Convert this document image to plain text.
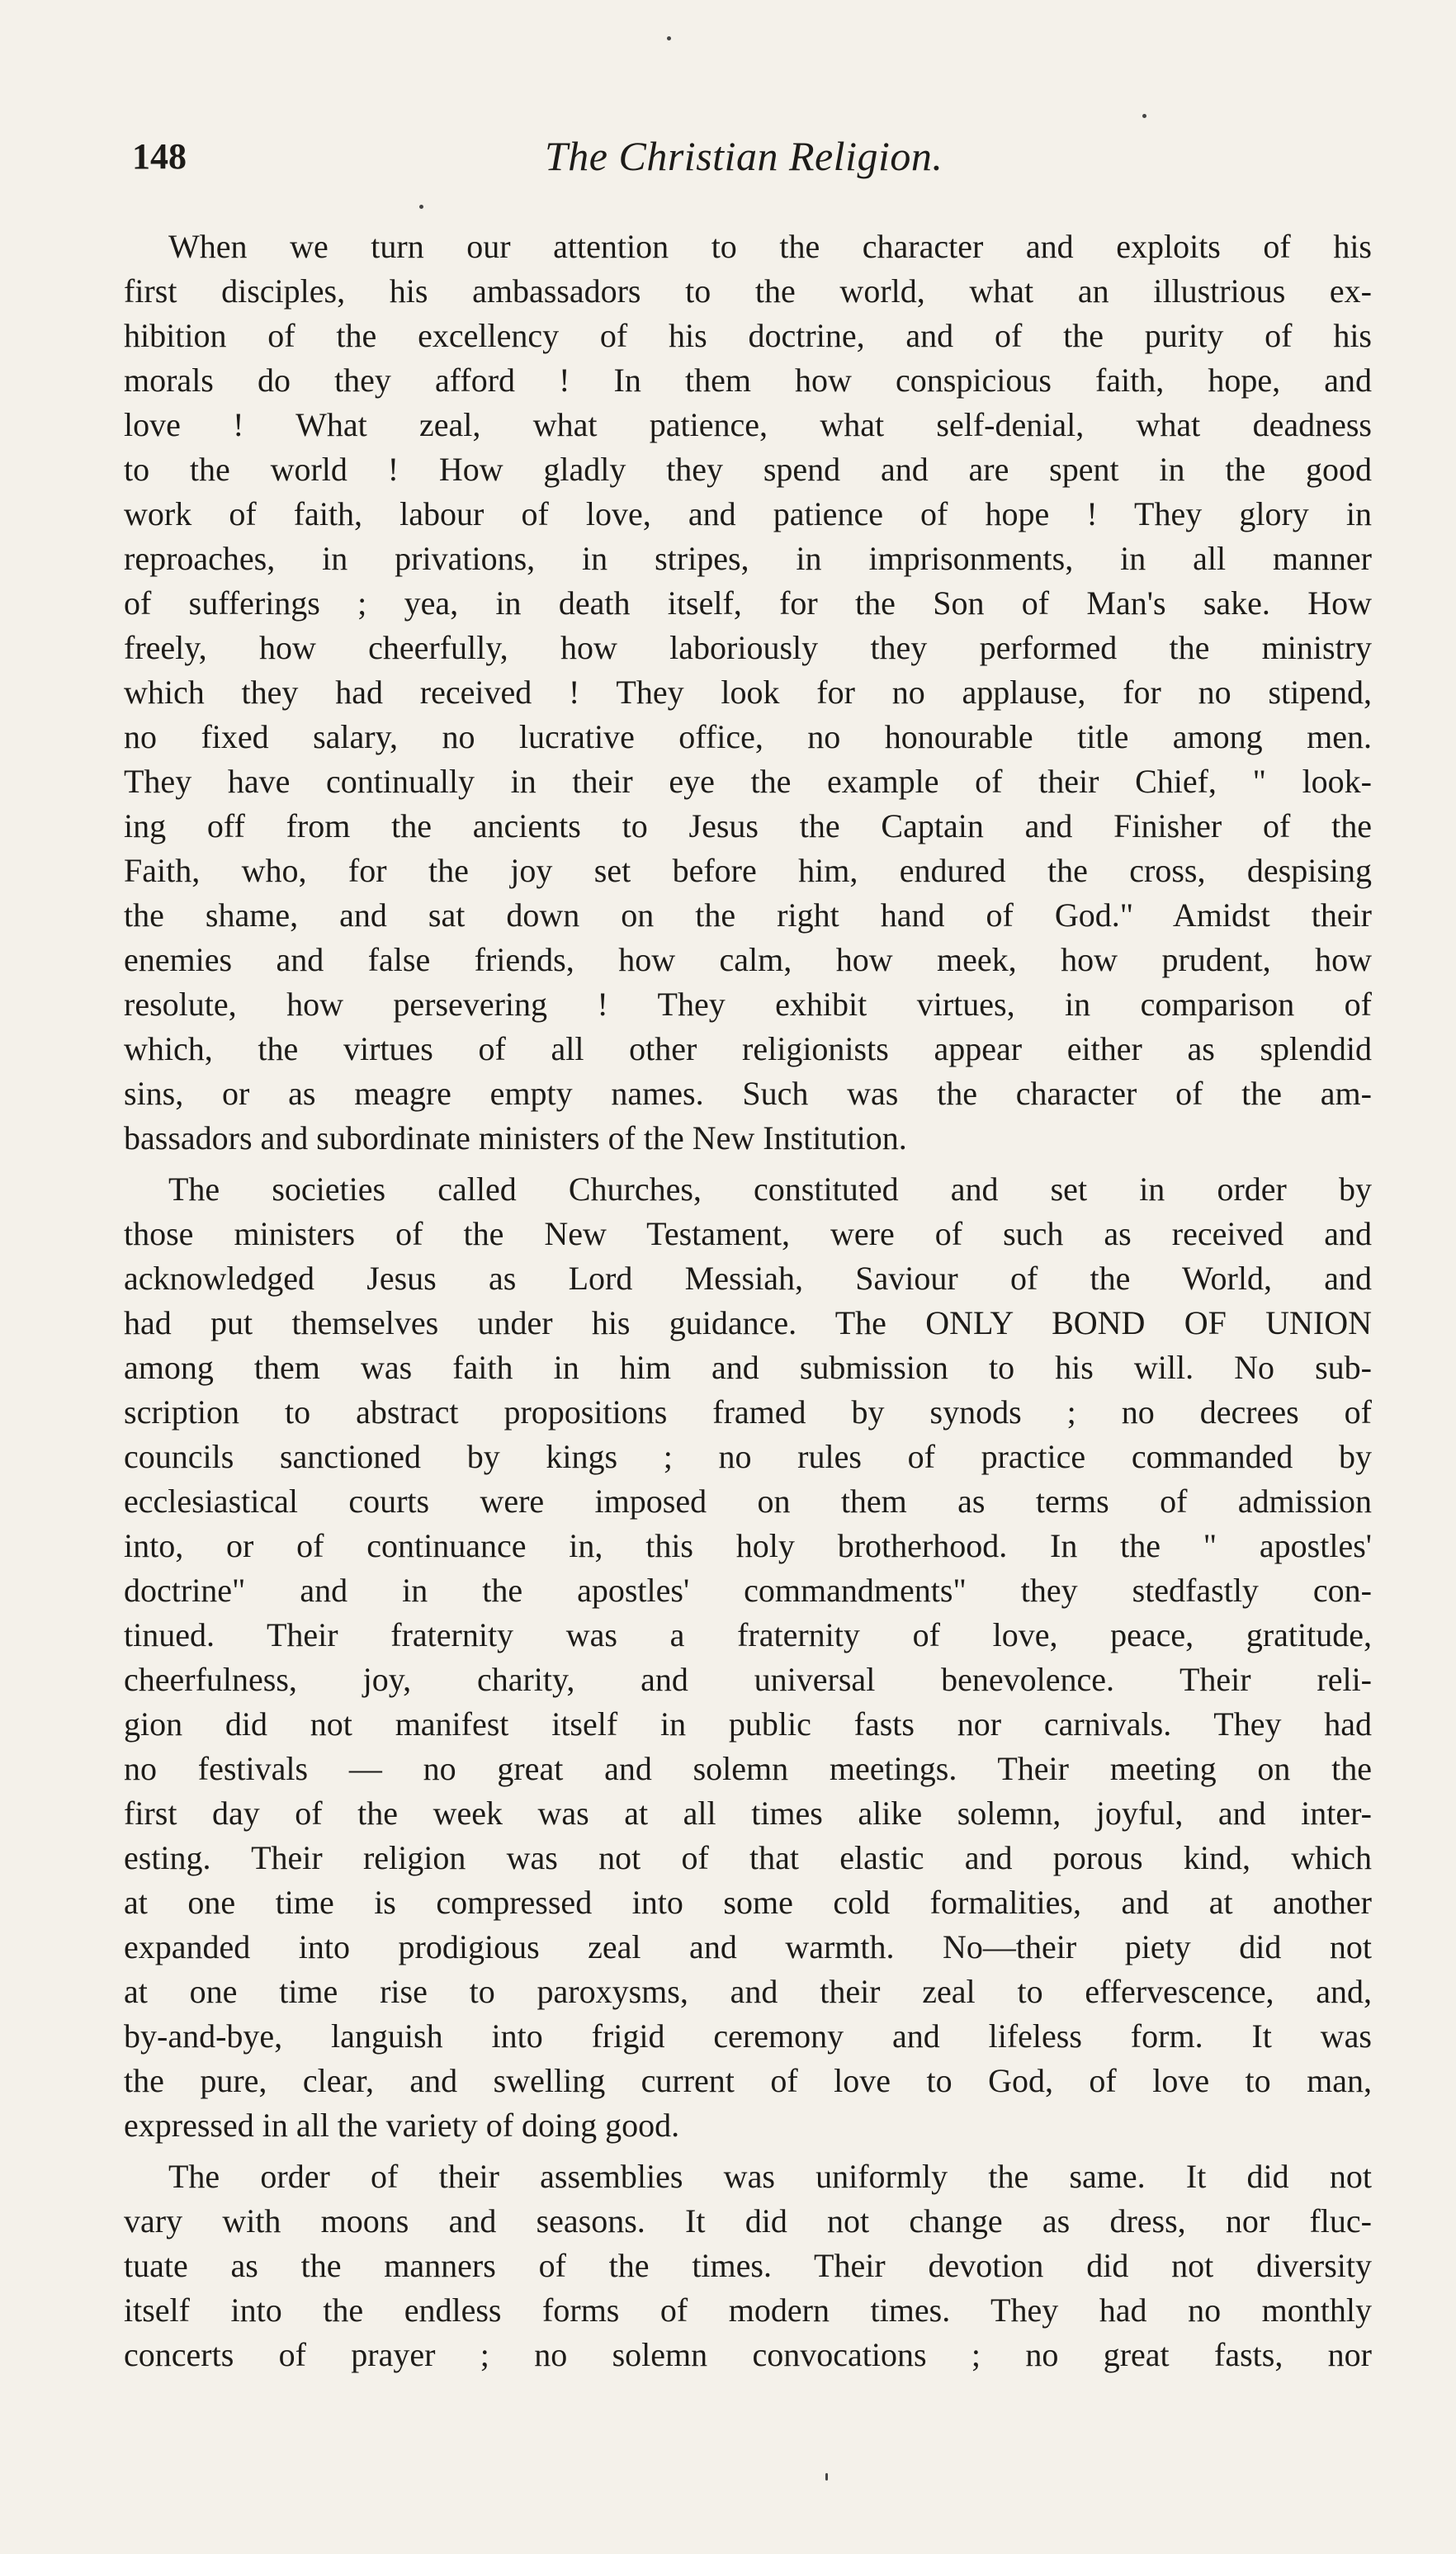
148	The Christian Religion.
When we turn our attention to the character and exploits of his
first disciples, his ambassadors to the world, what an illustrious ex-
hibition of the excellency of his doctrine, and of the purity of his
morals do they afford ! In them how conspicious faith, hope, and
love ! What zeal, what patience, what self-denial, what deadness
to the world ! How gladly they spend and are spent in the good
work of faith, labour of love, and patience of hope ! They glory in
reproaches, in privations, in stripes, in imprisonments, in all manner
of sufferings ; yea, in death itself, for the Son of Man's sake. How
freely, how cheerfully, how laboriously they performed the ministry
which they had received ! They look for no applause, for no stipend,
no fixed salary, no lucrative office, no honourable title among men.
They have continually in their eye the example of their Chief, " look-
ing off from the ancients to Jesus the Captain and Finisher of the
Faith, who, for the joy set before him, endured the cross, despising
the shame, and sat down on the right hand of God." Amidst their
enemies and false friends, how calm, how meek, how prudent, how
resolute, how persevering ! They exhibit virtues, in comparison of
which, the virtues of all other religionists appear either as splendid
sins, or as meagre empty names. Such was the character of the am-
bassadors and subordinate ministers of the New Institution.
The societies called Churches, constituted and set in order by
those ministers of the New Testament, were of such as received and
acknowledged Jesus as Lord Messiah, Saviour of the World, and
had put themselves under his guidance. The ONLY BOND OF UNION
among them was faith in him and submission to his will. No sub-
scription to abstract propositions framed by synods ; no decrees of
councils sanctioned by kings ; no rules of practice commanded by
ecclesiastical courts were imposed on them as terms of admission
into, or of continuance in, this holy brotherhood. In the " apostles'
doctrine" and in the apostles' commandments" they stedfastly con-
tinued. Their fraternity was a fraternity of love, peace, gratitude,
cheerfulness, joy, charity, and universal benevolence. Their reli-
gion did not manifest itself in public fasts nor carnivals. They had
no festivals — no great and solemn meetings. Their meeting on the
first day of the week was at all times alike solemn, joyful, and inter-
esting. Their religion was not of that elastic and porous kind, which
at one time is compressed into some cold formalities, and at another
expanded into prodigious zeal and warmth. No—their piety did not
at one time rise to paroxysms, and their zeal to effervescence, and,
by-and-bye, languish into frigid ceremony and lifeless form. It was
the pure, clear, and swelling current of love to God, of love to man,
expressed in all the variety of doing good.
The order of their assemblies was uniformly the same. It did not
vary with moons and seasons. It did not change as dress, nor fluc-
tuate as the manners of the times. Their devotion did not diversity
itself into the endless forms of modern times. They had no monthly
concerts of prayer ; no solemn convocations ; no great fasts, nor
